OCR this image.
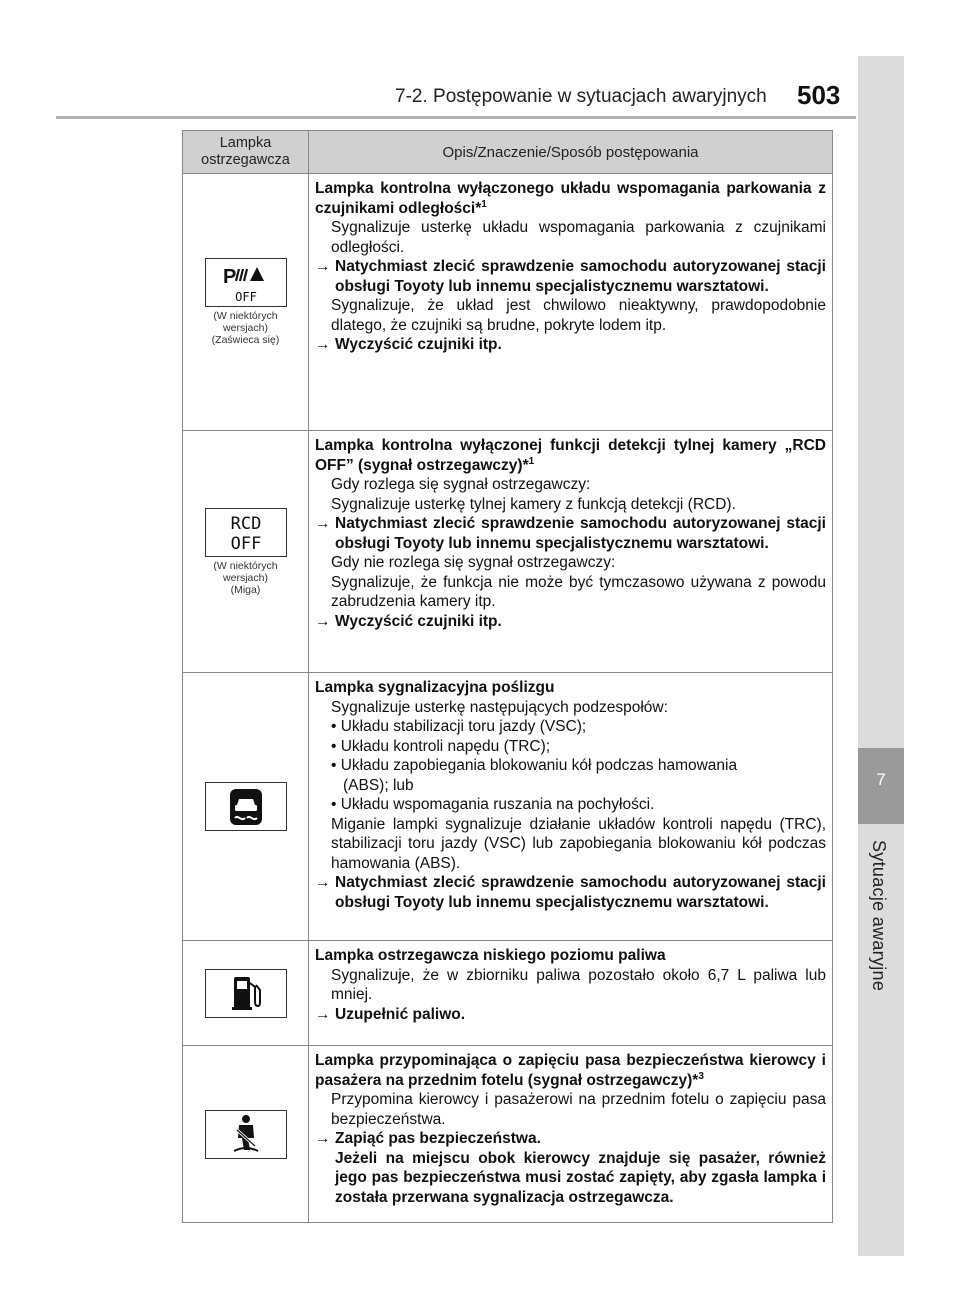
7-2. Postępowanie w sytuacjach awaryjnych 503
7
Sytuacje awaryjne
Lampka ostrzegawcza	Opis/Znaczenie/Sposób postępowania
P
OFF
(W niektórych
wersjach)
(Zaświeca się)
Lampka kontrolna wyłączonego układu wspomagania parkowania z czujnikami odległości*$^1$
Sygnalizuje usterkę układu wspomagania parkowania z czujnikami odległości.
→ Natychmiast zlecić sprawdzenie samochodu autoryzowanej stacji obsługi Toyoty lub innemu specjalistycznemu warsztatowi.
Sygnalizuje, że układ jest chwilowo nieaktywny, prawdopodobnie dlatego, że czujniki są brudne, pokryte lodem itp.
→ Wyczyścić czujniki itp.
RCD
OFF
(W niektórych
wersjach)
(Miga)
Lampka kontrolna wyłączonej funkcji detekcji tylnej kamery „RCD OFF” (sygnał ostrzegawczy)*$^1$
Gdy rozlega się sygnał ostrzegawczy:
Sygnalizuje usterkę tylnej kamery z funkcją detekcji (RCD).
→ Natychmiast zlecić sprawdzenie samochodu autoryzowanej stacji obsługi Toyoty lub innemu specjalistycznemu warsztatowi.
Gdy nie rozlega się sygnał ostrzegawczy:
Sygnalizuje, że funkcja nie może być tymczasowo używana z powodu zabrudzenia kamery itp.
→ Wyczyścić czujniki itp.
Lampka sygnalizacyjna poślizgu
Sygnalizuje usterkę następujących podzespołów:
• Układu stabilizacji toru jazdy (VSC);
• Układu kontroli napędu (TRC);
• Układu zapobiegania blokowaniu kół podczas hamowania
(ABS); lub
• Układu wspomagania ruszania na pochyłości.
Miganie lampki sygnalizuje działanie układów kontroli napędu (TRC), stabilizacji toru jazdy (VSC) lub zapobiegania blokowaniu kół podczas hamowania (ABS).
→ Natychmiast zlecić sprawdzenie samochodu autoryzowanej stacji obsługi Toyoty lub innemu specjalistycznemu warsztatowi.
Lampka ostrzegawcza niskiego poziomu paliwa
Sygnalizuje, że w zbiorniku paliwa pozostało około 6,7 L paliwa lub mniej.
→ Uzupełnić paliwo.
Lampka przypominająca o zapięciu pasa bezpieczeństwa kierowcy i pasażera na przednim fotelu (sygnał ostrzegawczy)*$^3$
Przypomina kierowcy i pasażerowi na przednim fotelu o zapięciu pasa bezpieczeństwa.
→ Zapiąć pas bezpieczeństwa.
Jeżeli na miejscu obok kierowcy znajduje się pasażer, również jego pas bezpieczeństwa musi zostać zapięty, aby zgasła lampka i została przerwana sygnalizacja ostrzegawcza.
